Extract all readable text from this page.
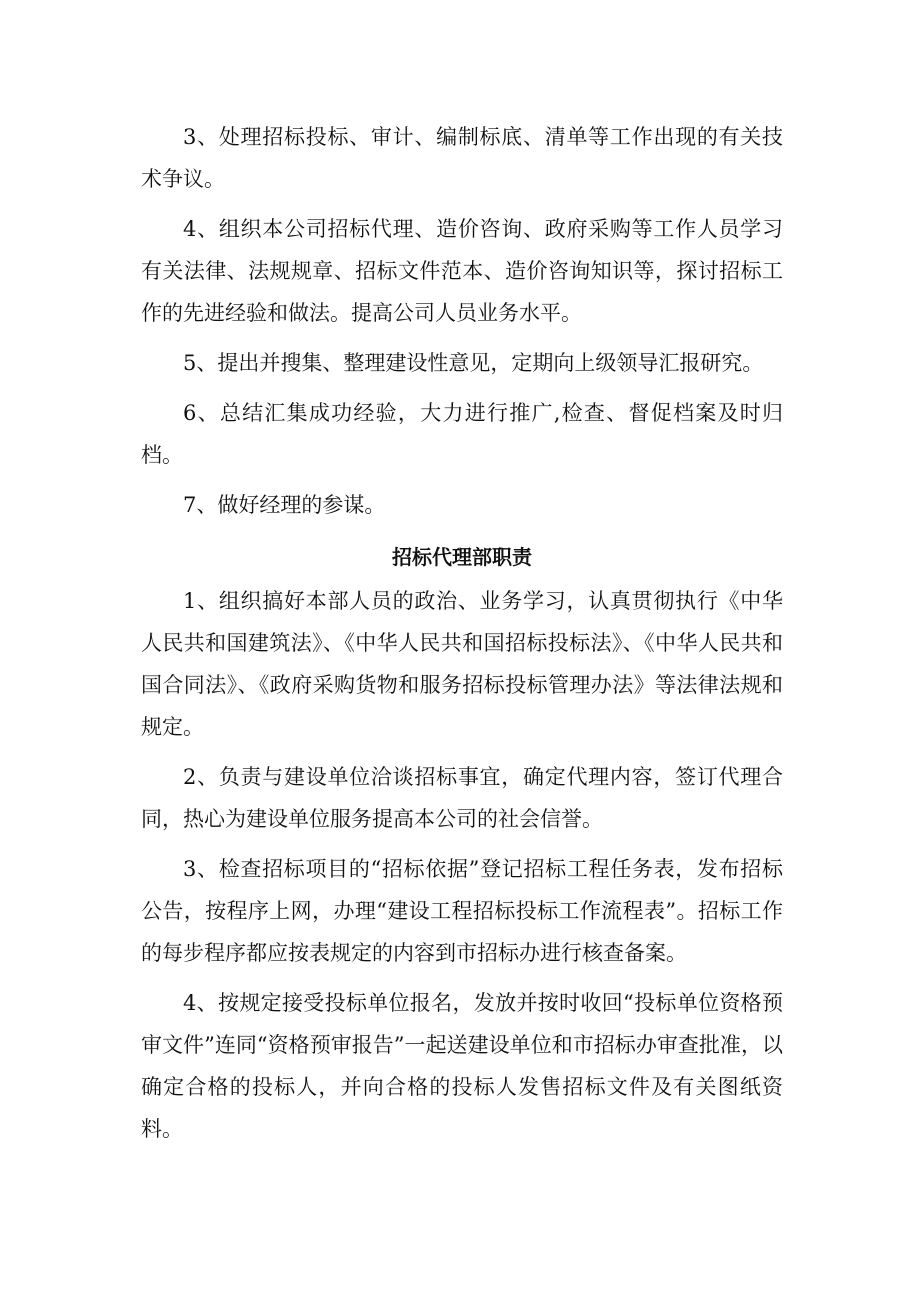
3、处理招标投标、审计、编制标底、清单等工作出现的有关技术争议。

4、组织本公司招标代理、造价咨询、政府采购等工作人员学习有关法律、法规规章、招标文件范本、造价咨询知识等，探讨招标工作的先进经验和做法。提高公司人员业务水平。

5、提出并搜集、整理建设性意见，定期向上级领导汇报研究。

6、总结汇集成功经验，大力进行推广,检查、督促档案及时归档。

7、做好经理的参谋。

招标代理部职责

1、组织搞好本部人员的政治、业务学习，认真贯彻执行《中华人民共和国建筑法》、《中华人民共和国招标投标法》、《中华人民共和国合同法》、《政府采购货物和服务招标投标管理办法》等法律法规和规定。

2、负责与建设单位洽谈招标事宜，确定代理内容，签订代理合同，热心为建设单位服务提高本公司的社会信誉。

3、检查招标项目的“招标依据”登记招标工程任务表，发布招标公告，按程序上网，办理“建设工程招标投标工作流程表”。招标工作的每步程序都应按表规定的内容到市招标办进行核查备案。

4、按规定接受投标单位报名，发放并按时收回“投标单位资格预审文件”连同“资格预审报告”一起送建设单位和市招标办审查批准，以确定合格的投标人，并向合格的投标人发售招标文件及有关图纸资料。
